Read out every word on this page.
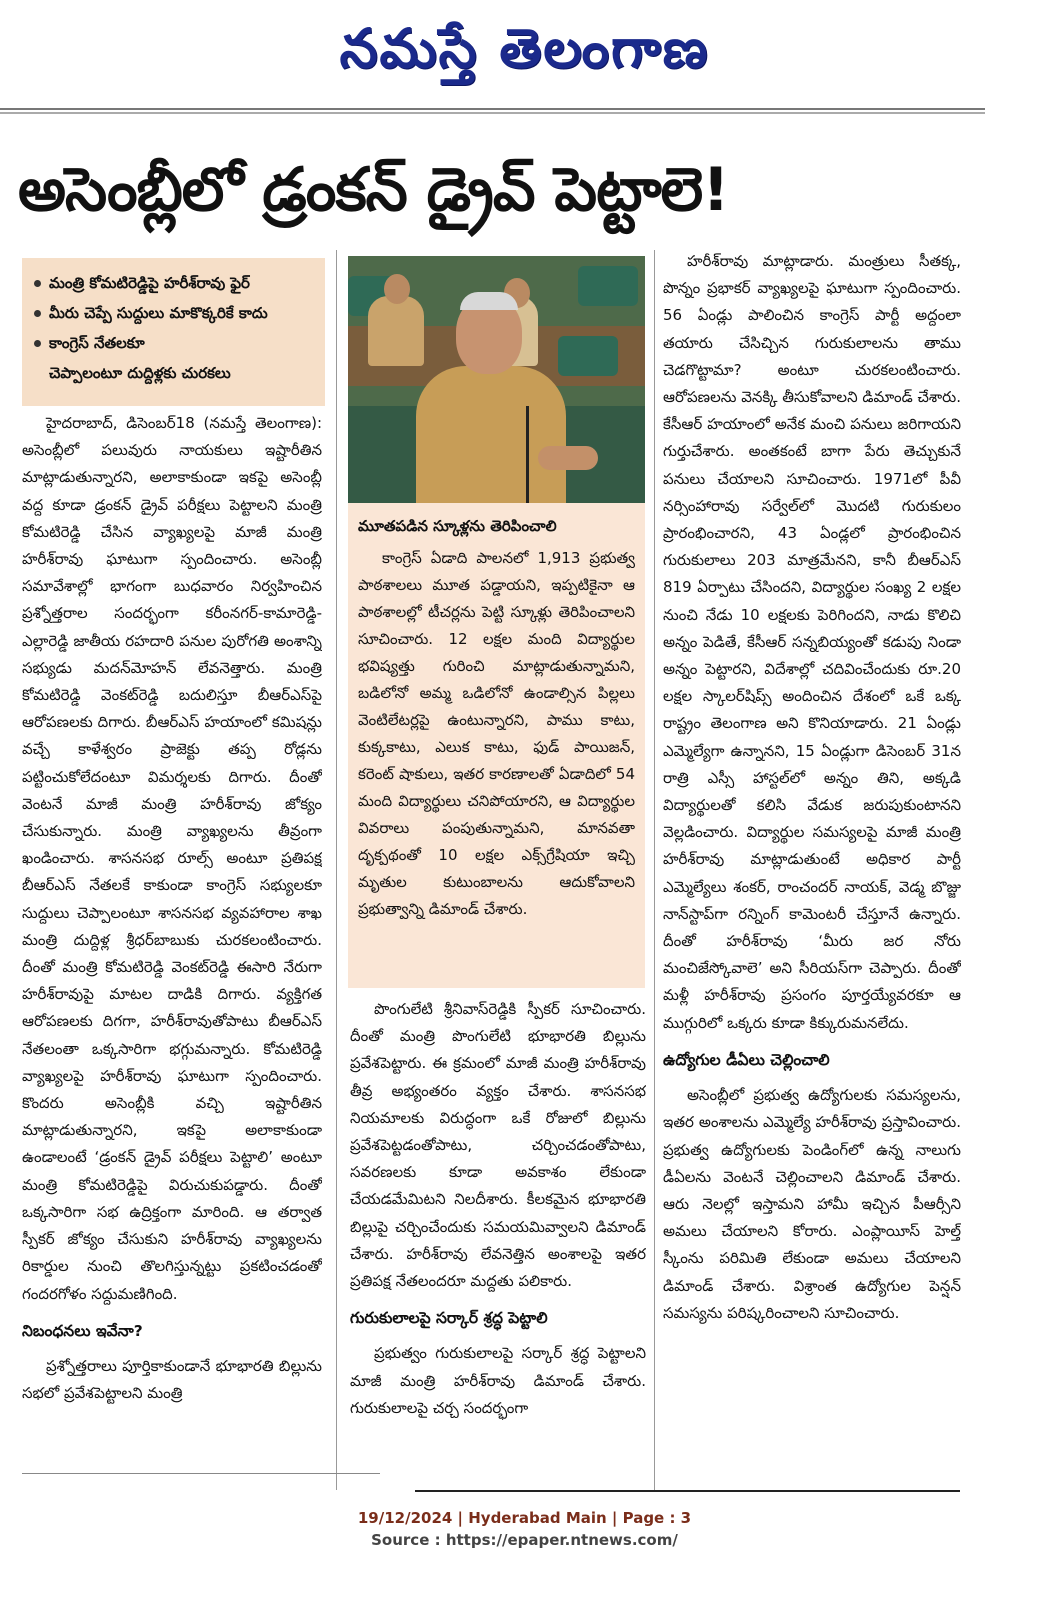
నమస్తే తెలంగాణ
అసెంబ్లీలో డ్రంకన్ డ్రైవ్ పెట్టాలె!
మంత్రి కోమటిరెడ్డిపై హరీశ్‌రావు ఫైర్
మీరు చెప్పే సుద్దులు మాకొక్కరికే కాదు
కాంగ్రెస్ నేతలకూ
చెప్పాలంటూ దుద్దిళ్లకు చురకలు
మూతపడిన స్కూళ్లను తెరిపించాలి

కాంగ్రెస్ ఏడాది పాలనలో 1,913 ప్రభుత్వ పాఠశాలలు మూత పడ్డాయని, ఇప్పటికైనా ఆ పాఠశాలల్లో టీచర్లను పెట్టి స్కూళ్లు తెరిపించాలని సూచించారు. 12 లక్షల మంది విద్యార్థుల భవిష్యత్తు గురించి మాట్లాడుతున్నామని, బడిలోనో అమ్మ ఒడిలోనో ఉండాల్సిన పిల్లలు వెంటిలేటర్లపై ఉంటున్నారని, పాము కాటు, కుక్కకాటు, ఎలుక కాటు, ఫుడ్ పాయిజన్, కరెంట్ షాకులు, ఇతర కారణాలతో ఏడాదిలో 54 మంది విద్యార్థులు చనిపోయారని, ఆ విద్యార్థుల వివరాలు పంపుతున్నామని, మానవతా దృక్పథంతో 10 లక్షల ఎక్స్‌గ్రేషియా ఇచ్చి మృతుల కుటుంబాలను ఆదుకోవాలని ప్రభుత్వాన్ని డిమాండ్ చేశారు.

హైదరాబాద్, డిసెంబర్18 (నమస్తే తెలంగాణ): అసెంబ్లీలో పలువురు నాయకులు ఇష్టారీతిన మాట్లాడుతున్నారని, అలాకాకుండా ఇకపై అసెంబ్లీ వద్ద కూడా డ్రంకన్ డ్రైవ్ పరీక్షలు పెట్టాలని మంత్రి కోమటిరెడ్డి చేసిన వ్యాఖ్యలపై మాజీ మంత్రి హరీశ్‌రావు ఘాటుగా స్పందించారు. అసెంబ్లీ సమావేశాల్లో భాగంగా బుధవారం నిర్వహించిన ప్రశ్నోత్తరాల సందర్భంగా కరీంనగర్-కామారెడ్డి- ఎల్లారెడ్డి జాతీయ రహదారి పనుల పురోగతి అంశాన్ని సభ్యుడు మదన్‌మోహన్ లేవనెత్తారు. మంత్రి కోమటిరెడ్డి వెంకట్‌రెడ్డి బదులిస్తూ బీఆర్‌ఎస్‌పై ఆరోపణలకు దిగారు. బీఆర్‌ఎస్ హయాంలో కమిషన్లు వచ్చే కాళేశ్వరం ప్రాజెక్టు తప్ప రోడ్లను పట్టించుకోలేదంటూ విమర్శలకు దిగారు. దీంతో వెంటనే మాజీ మంత్రి హరీశ్‌రావు జోక్యం చేసుకున్నారు. మంత్రి వ్యాఖ్యలను తీవ్రంగా ఖండించారు. శాసనసభ రూల్స్ అంటూ ప్రతిపక్ష బీఆర్‌ఎస్ నేతలకే కాకుండా కాంగ్రెస్ సభ్యులకూ సుద్దులు చెప్పాలంటూ శాసనసభ వ్యవహారాల శాఖ మంత్రి దుద్దిళ్ల శ్రీధర్‌బాబుకు చురకలంటించారు. దీంతో మంత్రి కోమటిరెడ్డి వెంకట్‌రెడ్డి ఈసారి నేరుగా హరీశ్‌రావుపై మాటల దాడికి దిగారు. వ్యక్తిగత ఆరోపణలకు దిగగా, హరీశ్‌రావుతోపాటు బీఆర్‌ఎస్ నేతలంతా ఒక్కసారిగా భగ్గుమన్నారు. కోమటిరెడ్డి వ్యాఖ్యలపై హరీశ్‌రావు ఘాటుగా స్పందించారు. కొందరు అసెంబ్లీకి వచ్చి ఇష్టారీతిన మాట్లాడుతున్నారని, ఇకపై అలాకాకుండా ఉండాలంటే ‘డ్రంకన్ డ్రైవ్ పరీక్షలు పెట్టాలి’ అంటూ మంత్రి కోమటిరెడ్డిపై విరుచుకుపడ్డారు. దీంతో ఒక్కసారిగా సభ ఉద్రిక్తంగా మారింది. ఆ తర్వాత స్పీకర్ జోక్యం చేసుకుని హరీశ్‌రావు వ్యాఖ్యలను రికార్డుల నుంచి తొలగిస్తున్నట్టు ప్రకటించడంతో గందరగోళం సద్దుమణిగింది.

నిబంధనలు ఇవేనా?

ప్రశ్నోత్తరాలు పూర్తికాకుండానే భూభారతి బిల్లును సభలో ప్రవేశపెట్టాలని మంత్రి

పొంగులేటి శ్రీనివాస్‌రెడ్డికి స్పీకర్ సూచించారు. దీంతో మంత్రి పొంగులేటి భూభారతి బిల్లును ప్రవేశపెట్టారు. ఈ క్రమంలో మాజీ మంత్రి హరీశ్‌రావు తీవ్ర అభ్యంతరం వ్యక్తం చేశారు. శాసనసభ నియమాలకు విరుద్ధంగా ఒకే రోజులో బిల్లును ప్రవేశపెట్టడంతోపాటు, చర్చించడంతోపాటు, సవరణలకు కూడా అవకాశం లేకుండా చేయడమేమిటని నిలదీశారు. కీలకమైన భూభారతి బిల్లుపై చర్చించేందుకు సమయమివ్వాలని డిమాండ్ చేశారు. హరీశ్‌రావు లేవనెత్తిన అంశాలపై ఇతర ప్రతిపక్ష నేతలందరూ మద్దతు పలికారు.

గురుకులాలపై సర్కార్ శ్రద్ధ పెట్టాలి

ప్రభుత్వం గురుకులాలపై సర్కార్ శ్రద్ధ పెట్టాలని మాజీ మంత్రి హరీశ్‌రావు డిమాండ్ చేశారు. గురుకులాలపై చర్చ సందర్భంగా

హరీశ్‌రావు మాట్లాడారు. మంత్రులు సీతక్క, పొన్నం ప్రభాకర్ వ్యాఖ్యలపై ఘాటుగా స్పందించారు. 56 ఏండ్లు పాలించిన కాంగ్రెస్ పార్టీ అద్దంలా తయారు చేసిచ్చిన గురుకులాలను తాము చెడగొట్టామా? అంటూ చురకలంటించారు. ఆరోపణలను వెనక్కి తీసుకోవాలని డిమాండ్ చేశారు. కేసీఆర్ హయాంలో అనేక మంచి పనులు జరిగాయని గుర్తుచేశారు. అంతకంటే బాగా పేరు తెచ్చుకునే పనులు చేయాలని సూచించారు. 1971లో పీవీ నర్సింహారావు సర్వేల్‌లో మొదటి గురుకులం ప్రారంభించారని, 43 ఏండ్లలో ప్రారంభించిన గురుకులాలు 203 మాత్రమేనని, కానీ బీఆర్‌ఎస్ 819 ఏర్పాటు చేసిందని, విద్యార్థుల సంఖ్య 2 లక్షల నుంచి నేడు 10 లక్షలకు పెరిగిందని, నాడు కొలిచి అన్నం పెడితే, కేసీఆర్ సన్నబియ్యంతో కడుపు నిండా అన్నం పెట్టారని, విదేశాల్లో చదివించేందుకు రూ.20 లక్షల స్కాలర్‌షిప్స్ అందించిన దేశంలో ఒకే ఒక్క రాష్ట్రం తెలంగాణ అని కొనియాడారు. 21 ఏండ్లు ఎమ్మెల్యేగా ఉన్నానని, 15 ఏండ్లుగా డిసెంబర్ 31న రాత్రి ఎస్సీ హాస్టల్‌లో అన్నం తిని, అక్కడి విద్యార్థులతో కలిసి వేడుక జరుపుకుంటానని వెల్లడించారు. విద్యార్థుల సమస్యలపై మాజీ మంత్రి హరీశ్‌రావు మాట్లాడుతుంటే అధికార పార్టీ ఎమ్మెల్యేలు శంకర్, రాంచందర్ నాయక్, వెడ్మ బొజ్జు నాన్‌స్టాప్‌గా రన్నింగ్ కామెంటరీ చేస్తూనే ఉన్నారు. దీంతో హరీశ్‌రావు ‘మీరు జర నోరు మంచిజేస్కోవాలె’ అని సీరియస్‌గా చెప్పారు. దీంతో మళ్లీ హరీశ్‌రావు ప్రసంగం పూర్తయ్యేవరకూ ఆ ముగ్గురిలో ఒక్కరు కూడా కిక్కురుమనలేదు.

ఉద్యోగుల డీఏలు చెల్లించాలి

అసెంబ్లీలో ప్రభుత్వ ఉద్యోగులకు సమస్యలను, ఇతర అంశాలను ఎమ్మెల్యే హరీశ్‌రావు ప్రస్తావించారు. ప్రభుత్వ ఉద్యోగులకు పెండింగ్‌లో ఉన్న నాలుగు డీఏలను వెంటనే చెల్లించాలని డిమాండ్ చేశారు. ఆరు నెలల్లో ఇస్తామని హామీ ఇచ్చిన పీఆర్సీని అమలు చేయాలని కోరారు. ఎంప్లాయీస్ హెల్త్ స్కీంను పరిమితి లేకుండా అమలు చేయాలని డిమాండ్ చేశారు. విశ్రాంత ఉద్యోగుల పెన్షన్ సమస్యను పరిష్కరించాలని సూచించారు.

19/12/2024 | Hyderabad Main | Page : 3
Source : https://epaper.ntnews.com/
